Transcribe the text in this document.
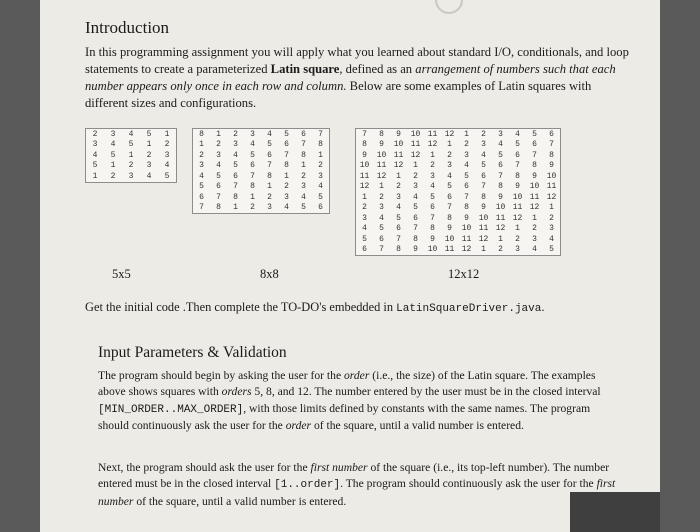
Introduction
In this programming assignment you will apply what you learned about standard I/O, conditionals, and loop statements to create a parameterized Latin square, defined as an arrangement of numbers such that each number appears only once in each row and column. Below are some examples of Latin squares with different sizes and configurations.
2	3	4	5	1
3	4	5	1	2
4	5	1	2	3
5	1	2	3	4
1	2	3	4	5
8	1	2	3	4	5	6	7
1	2	3	4	5	6	7	8
2	3	4	5	6	7	8	1
3	4	5	6	7	8	1	2
4	5	6	7	8	1	2	3
5	6	7	8	1	2	3	4
6	7	8	1	2	3	4	5
7	8	1	2	3	4	5	6
7	8	9	10	11	12	1	2	3	4	5	6
8	9	10	11	12	1	2	3	4	5	6	7
9	10	11	12	1	2	3	4	5	6	7	8
10	11	12	1	2	3	4	5	6	7	8	9
11	12	1	2	3	4	5	6	7	8	9	10
12	1	2	3	4	5	6	7	8	9	10	11
1	2	3	4	5	6	7	8	9	10	11	12
2	3	4	5	6	7	8	9	10	11	12	1
3	4	5	6	7	8	9	10	11	12	1	2
4	5	6	7	8	9	10	11	12	1	2	3
5	6	7	8	9	10	11	12	1	2	3	4
6	7	8	9	10	11	12	1	2	3	4	5
5x5	8x8	12x12
Get the initial code .Then complete the TO-DO's embedded in LatinSquareDriver.java.
Input Parameters & Validation
The program should begin by asking the user for the order (i.e., the size) of the Latin square. The examples above shows squares with orders 5, 8, and 12. The number entered by the user must be in the closed interval [MIN_ORDER..MAX_ORDER], with those limits defined by constants with the same names. The program should continuously ask the user for the order of the square, until a valid number is entered.
Next, the program should ask the user for the first number of the square (i.e., its top-left number). The number entered must be in the closed interval [1..order]. The program should continuously ask the user for the first number of the square, until a valid number is entered.
